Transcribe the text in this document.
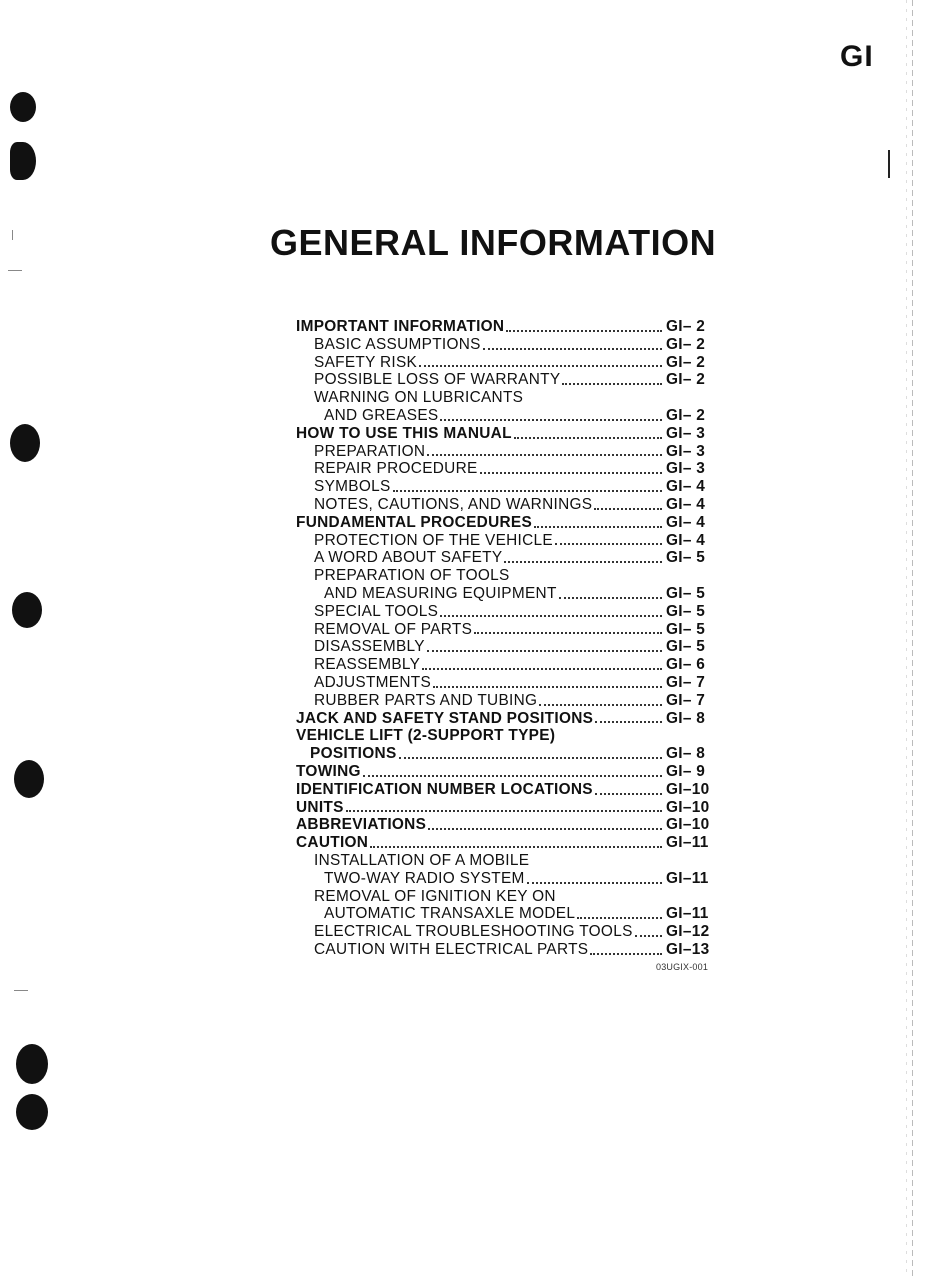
GI
GENERAL INFORMATION
IMPORTANT INFORMATION	GI– 2
BASIC ASSUMPTIONS	GI– 2
SAFETY RISK	GI– 2
POSSIBLE LOSS OF WARRANTY	GI– 2
WARNING ON LUBRICANTS
AND GREASES	GI– 2
HOW TO USE THIS MANUAL	GI– 3
PREPARATION	GI– 3
REPAIR PROCEDURE	GI– 3
SYMBOLS	GI– 4
NOTES, CAUTIONS, AND WARNINGS	GI– 4
FUNDAMENTAL PROCEDURES	GI– 4
PROTECTION OF THE VEHICLE	GI– 4
A WORD ABOUT SAFETY	GI– 5
PREPARATION OF TOOLS
AND MEASURING EQUIPMENT	GI– 5
SPECIAL TOOLS	GI– 5
REMOVAL OF PARTS	GI– 5
DISASSEMBLY	GI– 5
REASSEMBLY	GI– 6
ADJUSTMENTS	GI– 7
RUBBER PARTS AND TUBING	GI– 7
JACK AND SAFETY STAND POSITIONS	GI– 8
VEHICLE LIFT (2-SUPPORT TYPE)
POSITIONS	GI– 8
TOWING	GI– 9
IDENTIFICATION NUMBER LOCATIONS	GI–10
UNITS	GI–10
ABBREVIATIONS	GI–10
CAUTION	GI–11
INSTALLATION OF A MOBILE
TWO-WAY RADIO SYSTEM	GI–11
REMOVAL OF IGNITION KEY ON
AUTOMATIC TRANSAXLE MODEL	GI–11
ELECTRICAL TROUBLESHOOTING TOOLS GI–12
CAUTION WITH ELECTRICAL PARTS	GI–13
03UGIX-001
